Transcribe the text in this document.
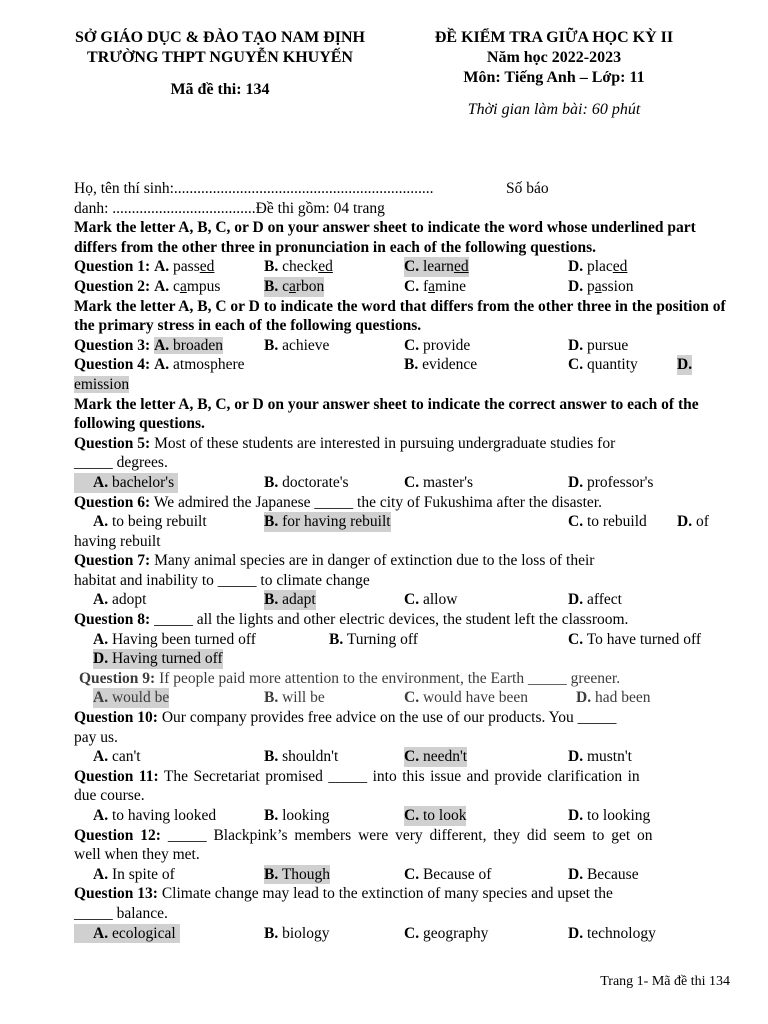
SỞ GIÁO DỤC & ĐÀO TẠO NAM ĐỊNH
TRƯỜNG THPT NGUYỄN KHUYẾN
Mã đề thi: 134
ĐỀ KIỂM TRA GIỮA HỌC KỲ II
Năm học 2022-2023
Môn: Tiếng Anh – Lớp: 11
Thời gian làm bài: 60 phút
Họ, tên thí sinh:...................................................................	Số báo
danh: .....................................Đề thi gồm: 04 trang
Mark the letter A, B, C, or D on your answer sheet to indicate the word whose underlined part differs from the other three in pronunciation in each of the following questions.
Question 1: A. passed	B. checked	C. learned	D. placed
Question 2: A. campus	B. carbon	C. famine	D. passion
Mark the letter A, B, C or D to indicate the word that differs from the other three in the position of the primary stress in each of the following questions.
Question 3: A. broaden	B. achieve	C. provide	D. pursue
Question 4: A. atmosphere	B. evidence	C. quantity	D.
emission
Mark the letter A, B, C, or D on your answer sheet to indicate the correct answer to each of the following questions.
Question 5: Most of these students are interested in pursuing undergraduate studies for
_____ degrees.
A. bachelor's	B. doctorate's	C. master's	D. professor's
Question 6: We admired the Japanese _____ the city of Fukushima after the disaster.
A. to being rebuilt	B. for having rebuilt	C. to rebuild D. of
having rebuilt
Question 7: Many animal species are in danger of extinction due to the loss of their
habitat and inability to _____ to climate change
A. adopt	B. adapt	C. allow	D. affect
Question 8: _____ all the lights and other electric devices, the student left the classroom.
A. Having been turned off	B. Turning off	C. To have turned off
D. Having turned off
Question 9: If people paid more attention to the environment, the Earth _____ greener.
A. would be	B. will be	C. would have been	D. had been
Question 10: Our company provides free advice on the use of our products. You _____
pay us.
A. can't	B. shouldn't	C. needn't	D. mustn't
Question 11: The Secretariat promised _____ into this issue and provide clarification in
due course.
A. to having looked	B. looking	C. to look	D. to looking
Question 12: _____ Blackpink’s members were very different, they did seem to get on
well when they met.
A. In spite of	B. Though	C. Because of	D. Because
Question 13: Climate change may lead to the extinction of many species and upset the
_____ balance.
A. ecological	B. biology	C. geography	D. technology
Trang 1- Mã đề thi 134
